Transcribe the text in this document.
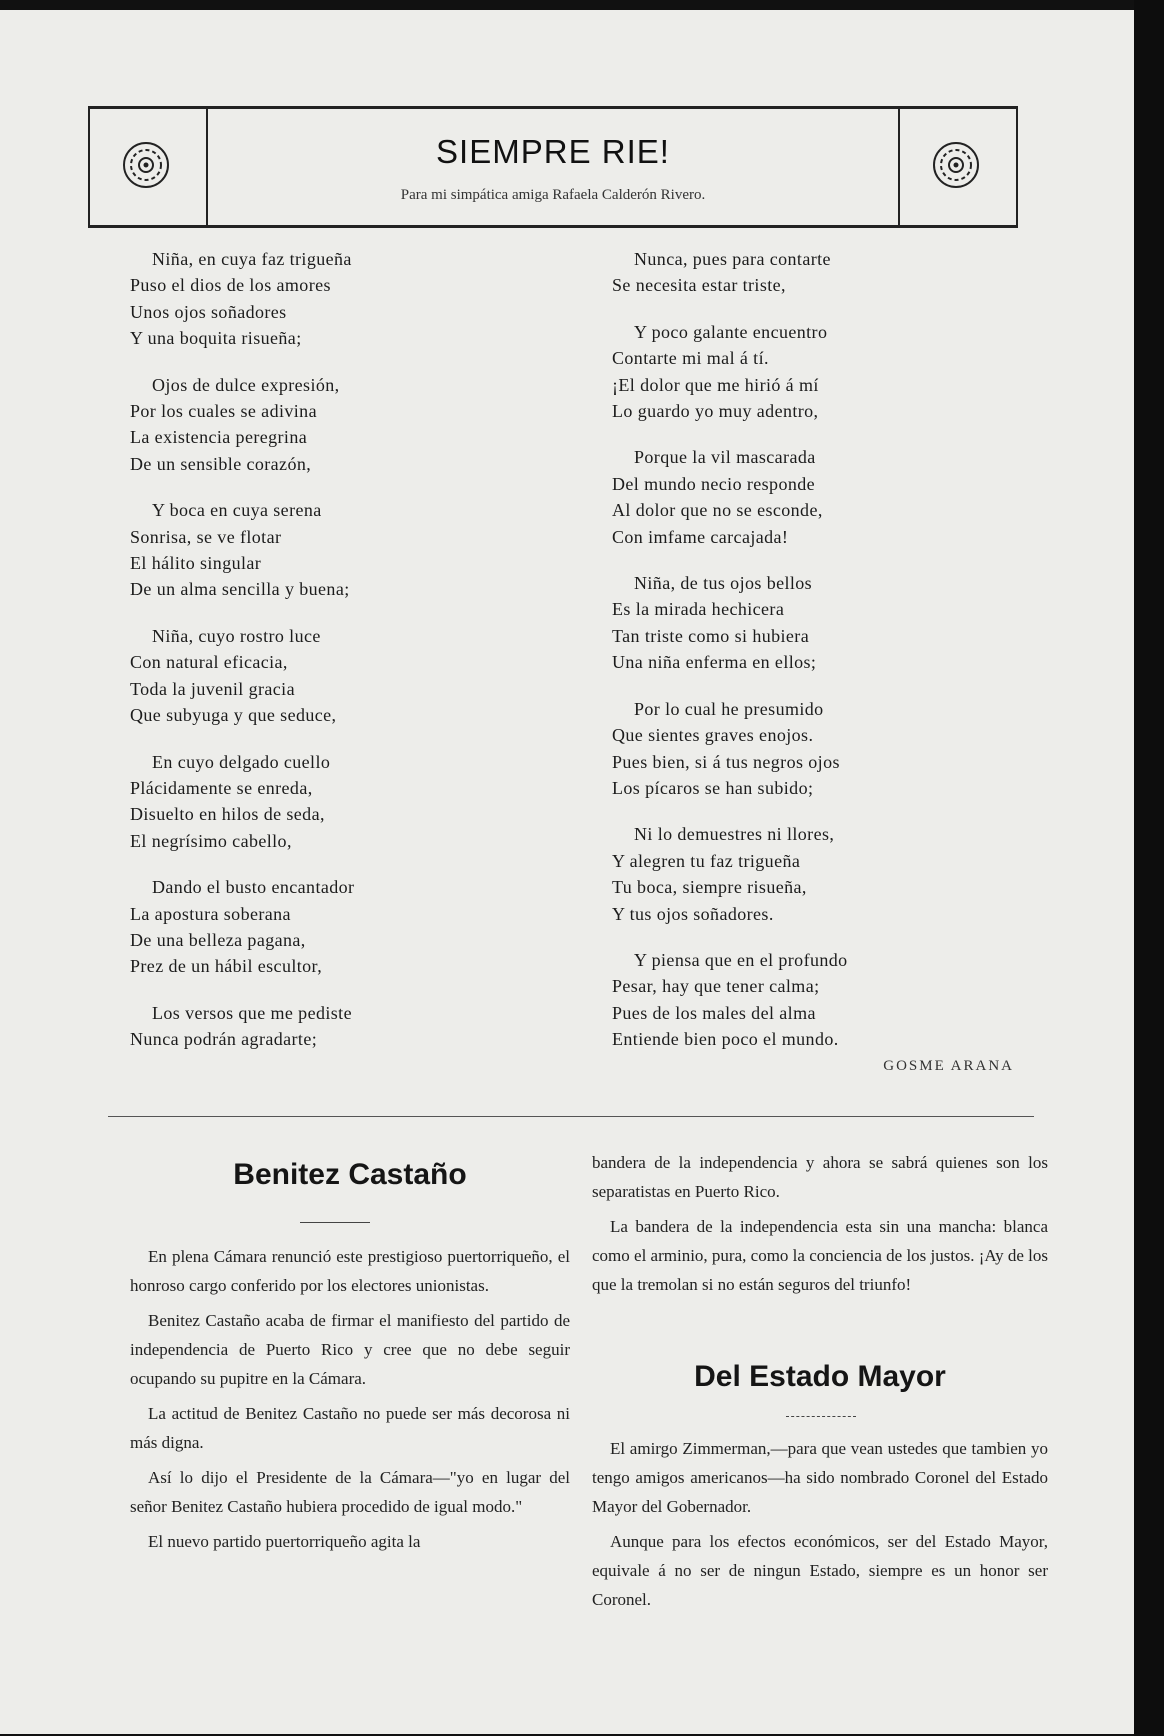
SIEMPRE RIE!
Para mi simpática amiga Rafaela Calderón Rivero.

Niña, en cuya faz trigueña

Puso el dios de los amores

Unos ojos soñadores

Y una boquita risueña;

Ojos de dulce expresión,

Por los cuales se adivina

La existencia peregrina

De un sensible corazón,

Y boca en cuya serena

Sonrisa, se ve flotar

El hálito singular

De un alma sencilla y buena;

Niña, cuyo rostro luce

Con natural eficacia,

Toda la juvenil gracia

Que subyuga y que seduce,

En cuyo delgado cuello

Plácidamente se enreda,

Disuelto en hilos de seda,

El negrísimo cabello,

Dando el busto encantador

La apostura soberana

De una belleza pagana,

Prez de un hábil escultor,

Los versos que me pediste

Nunca podrán agradarte;

Nunca, pues para contarte

Se necesita estar triste,

Y poco galante encuentro

Contarte mi mal á tí.

¡El dolor que me hirió á mí

Lo guardo yo muy adentro,

Porque la vil mascarada

Del mundo necio responde

Al dolor que no se esconde,

Con imfame carcajada!

Niña, de tus ojos bellos

Es la mirada hechicera

Tan triste como si hubiera

Una niña enferma en ellos;

Por lo cual he presumido

Que sientes graves enojos.

Pues bien, si á tus negros ojos

Los pícaros se han subido;

Ni lo demuestres ni llores,

Y alegren tu faz trigueña

Tu boca, siempre risueña,

Y tus ojos soñadores.

Y piensa que en el profundo

Pesar, hay que tener calma;

Pues de los males del alma

Entiende bien poco el mundo.

GOSME ARANA
Benitez Castaño

En plena Cámara renunció este prestigioso puertorriqueño, el honroso cargo conferido por los electores unionistas.

Benitez Castaño acaba de firmar el manifiesto del partido de independencia de Puerto Rico y cree que no debe seguir ocupando su pupitre en la Cámara.

La actitud de Benitez Castaño no puede ser más decorosa ni más digna.

Así lo dijo el Presidente de la Cámara—"yo en lugar del señor Benitez Castaño hubiera procedido de igual modo."

El nuevo partido puertorriqueño agita la

bandera de la independencia y ahora se sabrá quienes son los separatistas en Puerto Rico.

La bandera de la independencia esta sin una mancha: blanca como el arminio, pura, como la conciencia de los justos. ¡Ay de los que la tremolan si no están seguros del triunfo!

Del Estado Mayor

El amirgo Zimmerman,—para que vean ustedes que tambien yo tengo amigos americanos—ha sido nombrado Coronel del Estado Mayor del Gobernador.

Aunque para los efectos económicos, ser del Estado Mayor, equivale á no ser de ningun Estado, siempre es un honor ser Coronel.
